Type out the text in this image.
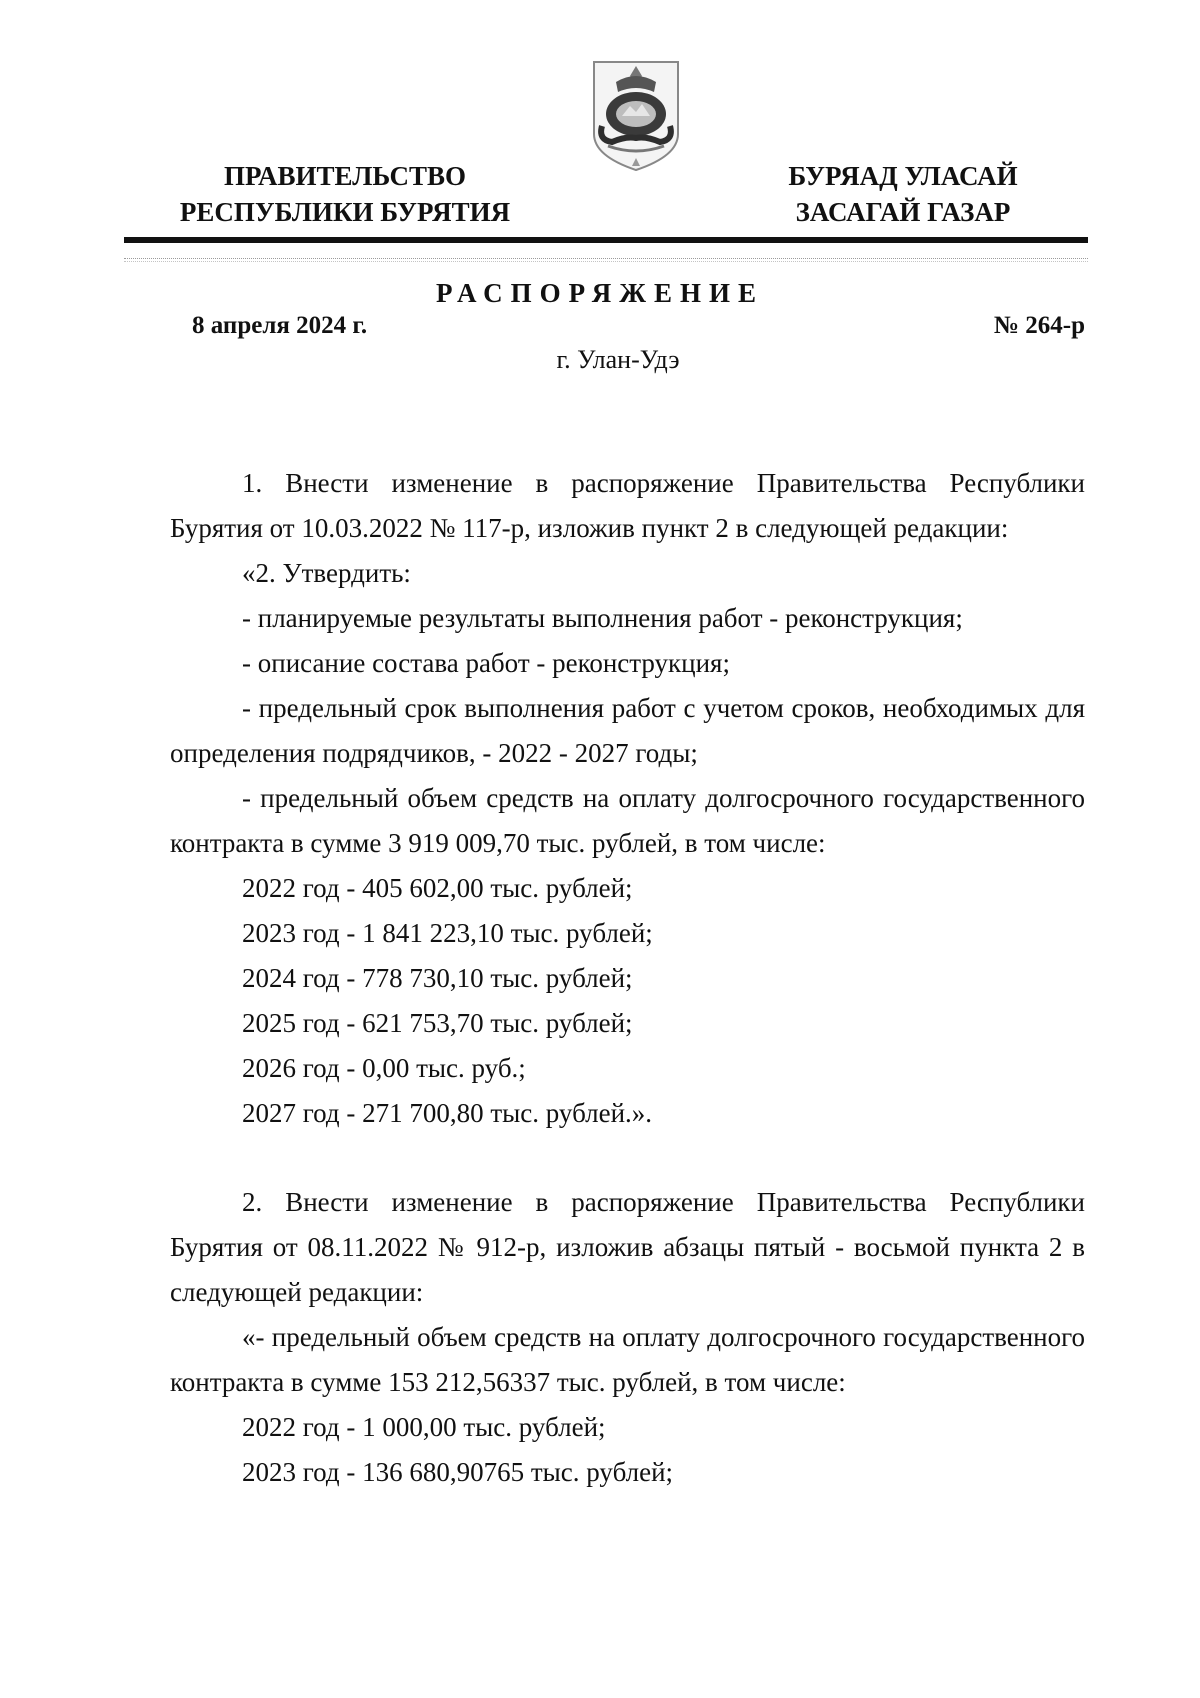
ПРАВИТЕЛЬСТВО
РЕСПУБЛИКИ БУРЯТИЯ
БУРЯАД УЛАСАЙ
ЗАСАГАЙ ГАЗАР
РАСПОРЯЖЕНИЕ
8 апреля 2024 г.	№ 264-р
г. Улан-Удэ

1. Внести изменение в распоряжение Правительства Республики Бурятия от 10.03.2022 № 117-р, изложив пункт 2 в следующей редакции:

«2. Утвердить:

- планируемые результаты выполнения работ - реконструкция;

- описание состава работ - реконструкция;

- предельный срок выполнения работ с учетом сроков, необходимых для определения подрядчиков, - 2022 - 2027 годы;

- предельный объем средств на оплату долгосрочного государственного контракта в сумме 3 919 009,70 тыс. рублей, в том числе:

2022 год - 405 602,00 тыс. рублей;

2023 год - 1 841 223,10 тыс. рублей;

2024 год - 778 730,10 тыс. рублей;

2025 год - 621 753,70 тыс. рублей;

2026 год - 0,00 тыс. руб.;

2027 год - 271 700,80 тыс. рублей.».

2. Внести изменение в распоряжение Правительства Республики Бурятия от 08.11.2022 № 912-р, изложив абзацы пятый - восьмой пункта 2 в следующей редакции:

«- предельный объем средств на оплату долгосрочного государственного контракта в сумме 153 212,56337 тыс. рублей, в том числе:

2022 год - 1 000,00 тыс. рублей;

2023 год - 136 680,90765 тыс. рублей;
